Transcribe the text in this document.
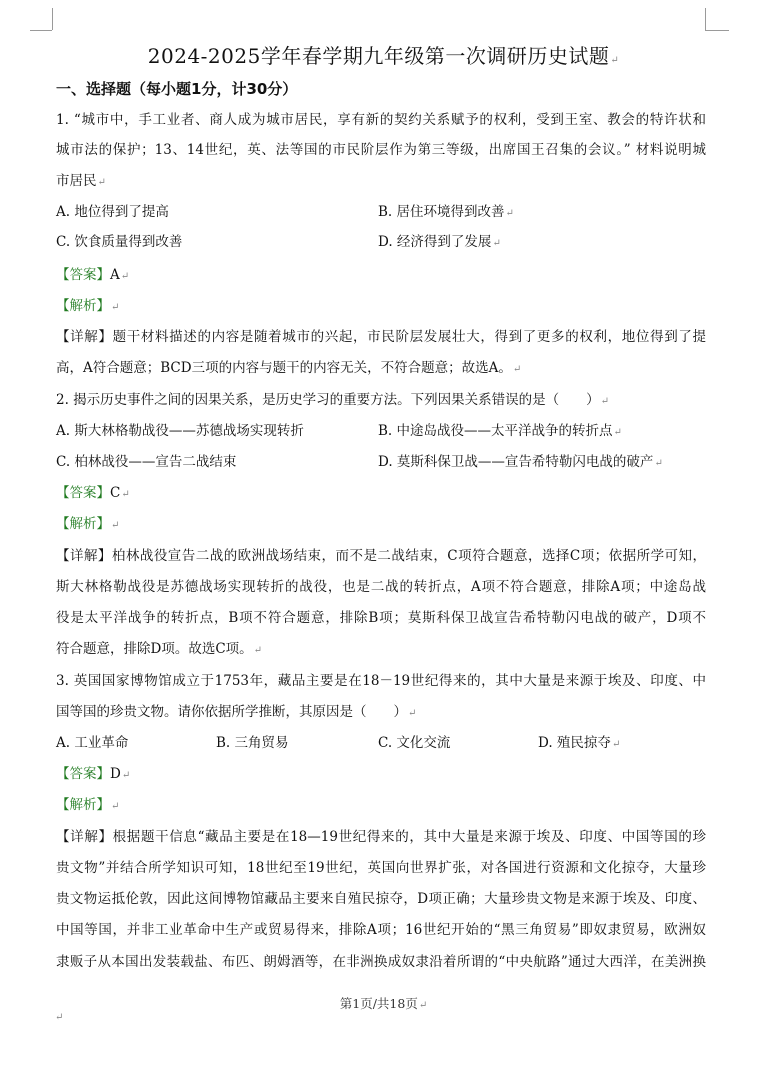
2024-2025学年春学期九年级第一次调研历史试题↵
一、选择题（每小题1分，计30分）
1. “城市中，手工业者、商人成为城市居民，享有新的契约关系赋予的权利，受到王室、教会的特许状和
城市法的保护；13、14世纪，英、法等国的市民阶层作为第三等级，出席国王召集的会议。” 材料说明城
市居民↵
A. 地位得到了提高	B. 居住环境得到改善↵
C. 饮食质量得到改善	D. 经济得到了发展↵
【答案】A↵
【解析】↵
【详解】题干材料描述的内容是随着城市的兴起，市民阶层发展壮大，得到了更多的权利，地位得到了提
高，A符合题意；BCD三项的内容与题干的内容无关，不符合题意；故选A。↵
2. 揭示历史事件之间的因果关系，是历史学习的重要方法。下列因果关系错误的是（　　）↵
A. 斯大林格勒战役——苏德战场实现转折	B. 中途岛战役——太平洋战争的转折点↵
C. 柏林战役——宣告二战结束	D. 莫斯科保卫战——宣告希特勒闪电战的破产↵
【答案】C↵
【解析】↵
【详解】柏林战役宣告二战的欧洲战场结束，而不是二战结束，C项符合题意，选择C项；依据所学可知，
斯大林格勒战役是苏德战场实现转折的战役，也是二战的转折点，A项不符合题意，排除A项；中途岛战
役是太平洋战争的转折点，B项不符合题意，排除B项；莫斯科保卫战宣告希特勒闪电战的破产，D项不
符合题意，排除D项。故选C项。↵
3. 英国国家博物馆成立于1753年，藏品主要是在18－19世纪得来的，其中大量是来源于埃及、印度、中
国等国的珍贵文物。请你依据所学推断，其原因是（　　）↵
A. 工业革命	B. 三角贸易	C. 文化交流	D. 殖民掠夺↵
【答案】D↵
【解析】↵
【详解】根据题干信息“藏品主要是在18—19世纪得来的，其中大量是来源于埃及、印度、中国等国的珍
贵文物”并结合所学知识可知，18世纪至19世纪，英国向世界扩张，对各国进行资源和文化掠夺，大量珍
贵文物运抵伦敦，因此这间博物馆藏品主要来自殖民掠夺，D项正确；大量珍贵文物是来源于埃及、印度、
中国等国，并非工业革命中生产或贸易得来，排除A项；16世纪开始的“黑三角贸易”即奴隶贸易，欧洲奴
隶贩子从本国出发装载盐、布匹、朗姆酒等，在非洲换成奴隶沿着所谓的“中央航路”通过大西洋，在美洲换
第1页/共18页↵
↵
